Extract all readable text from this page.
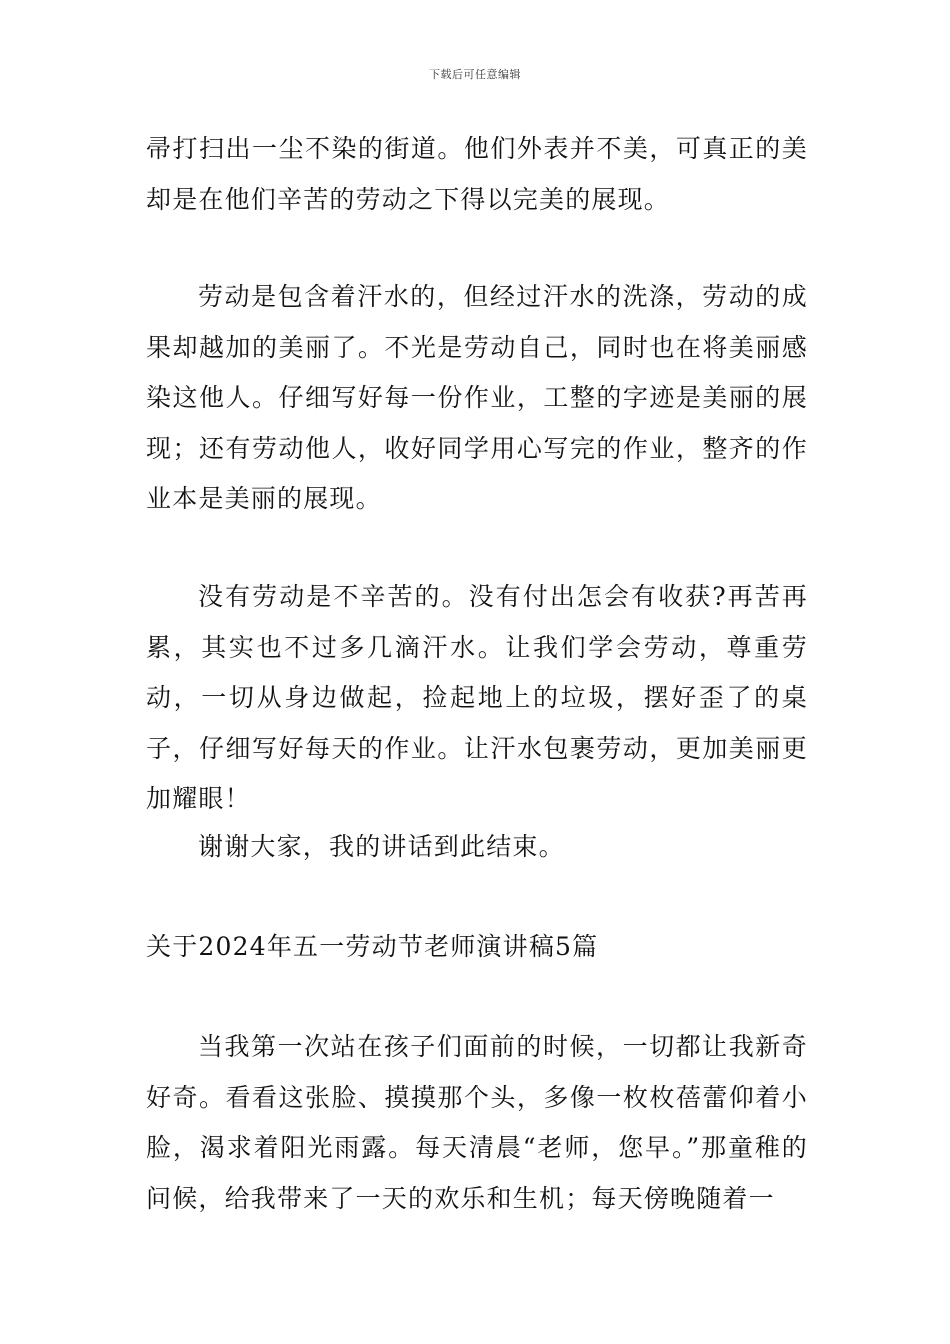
下载后可任意编辑

帚打扫出一尘不染的街道。他们外表并不美，可真正的美却是在他们辛苦的劳动之下得以完美的展现。

劳动是包含着汗水的，但经过汗水的洗涤，劳动的成果却越加的美丽了。不光是劳动自己，同时也在将美丽感染这他人。仔细写好每一份作业，工整的字迹是美丽的展现；还有劳动他人，收好同学用心写完的作业，整齐的作业本是美丽的展现。

没有劳动是不辛苦的。没有付出怎会有收获?再苦再累，其实也不过多几滴汗水。让我们学会劳动，尊重劳动，一切从身边做起，捡起地上的垃圾，摆好歪了的桌子，仔细写好每天的作业。让汗水包裹劳动，更加美丽更加耀眼！

谢谢大家，我的讲话到此结束。

关于2024年五一劳动节老师演讲稿5篇

当我第一次站在孩子们面前的时候，一切都让我新奇好奇。看看这张脸、摸摸那个头，多像一枚枚蓓蕾仰着小脸，渴求着阳光雨露。每天清晨“老师，您早。”那童稚的问候，给我带来了一天的欢乐和生机；每天傍晚随着一
